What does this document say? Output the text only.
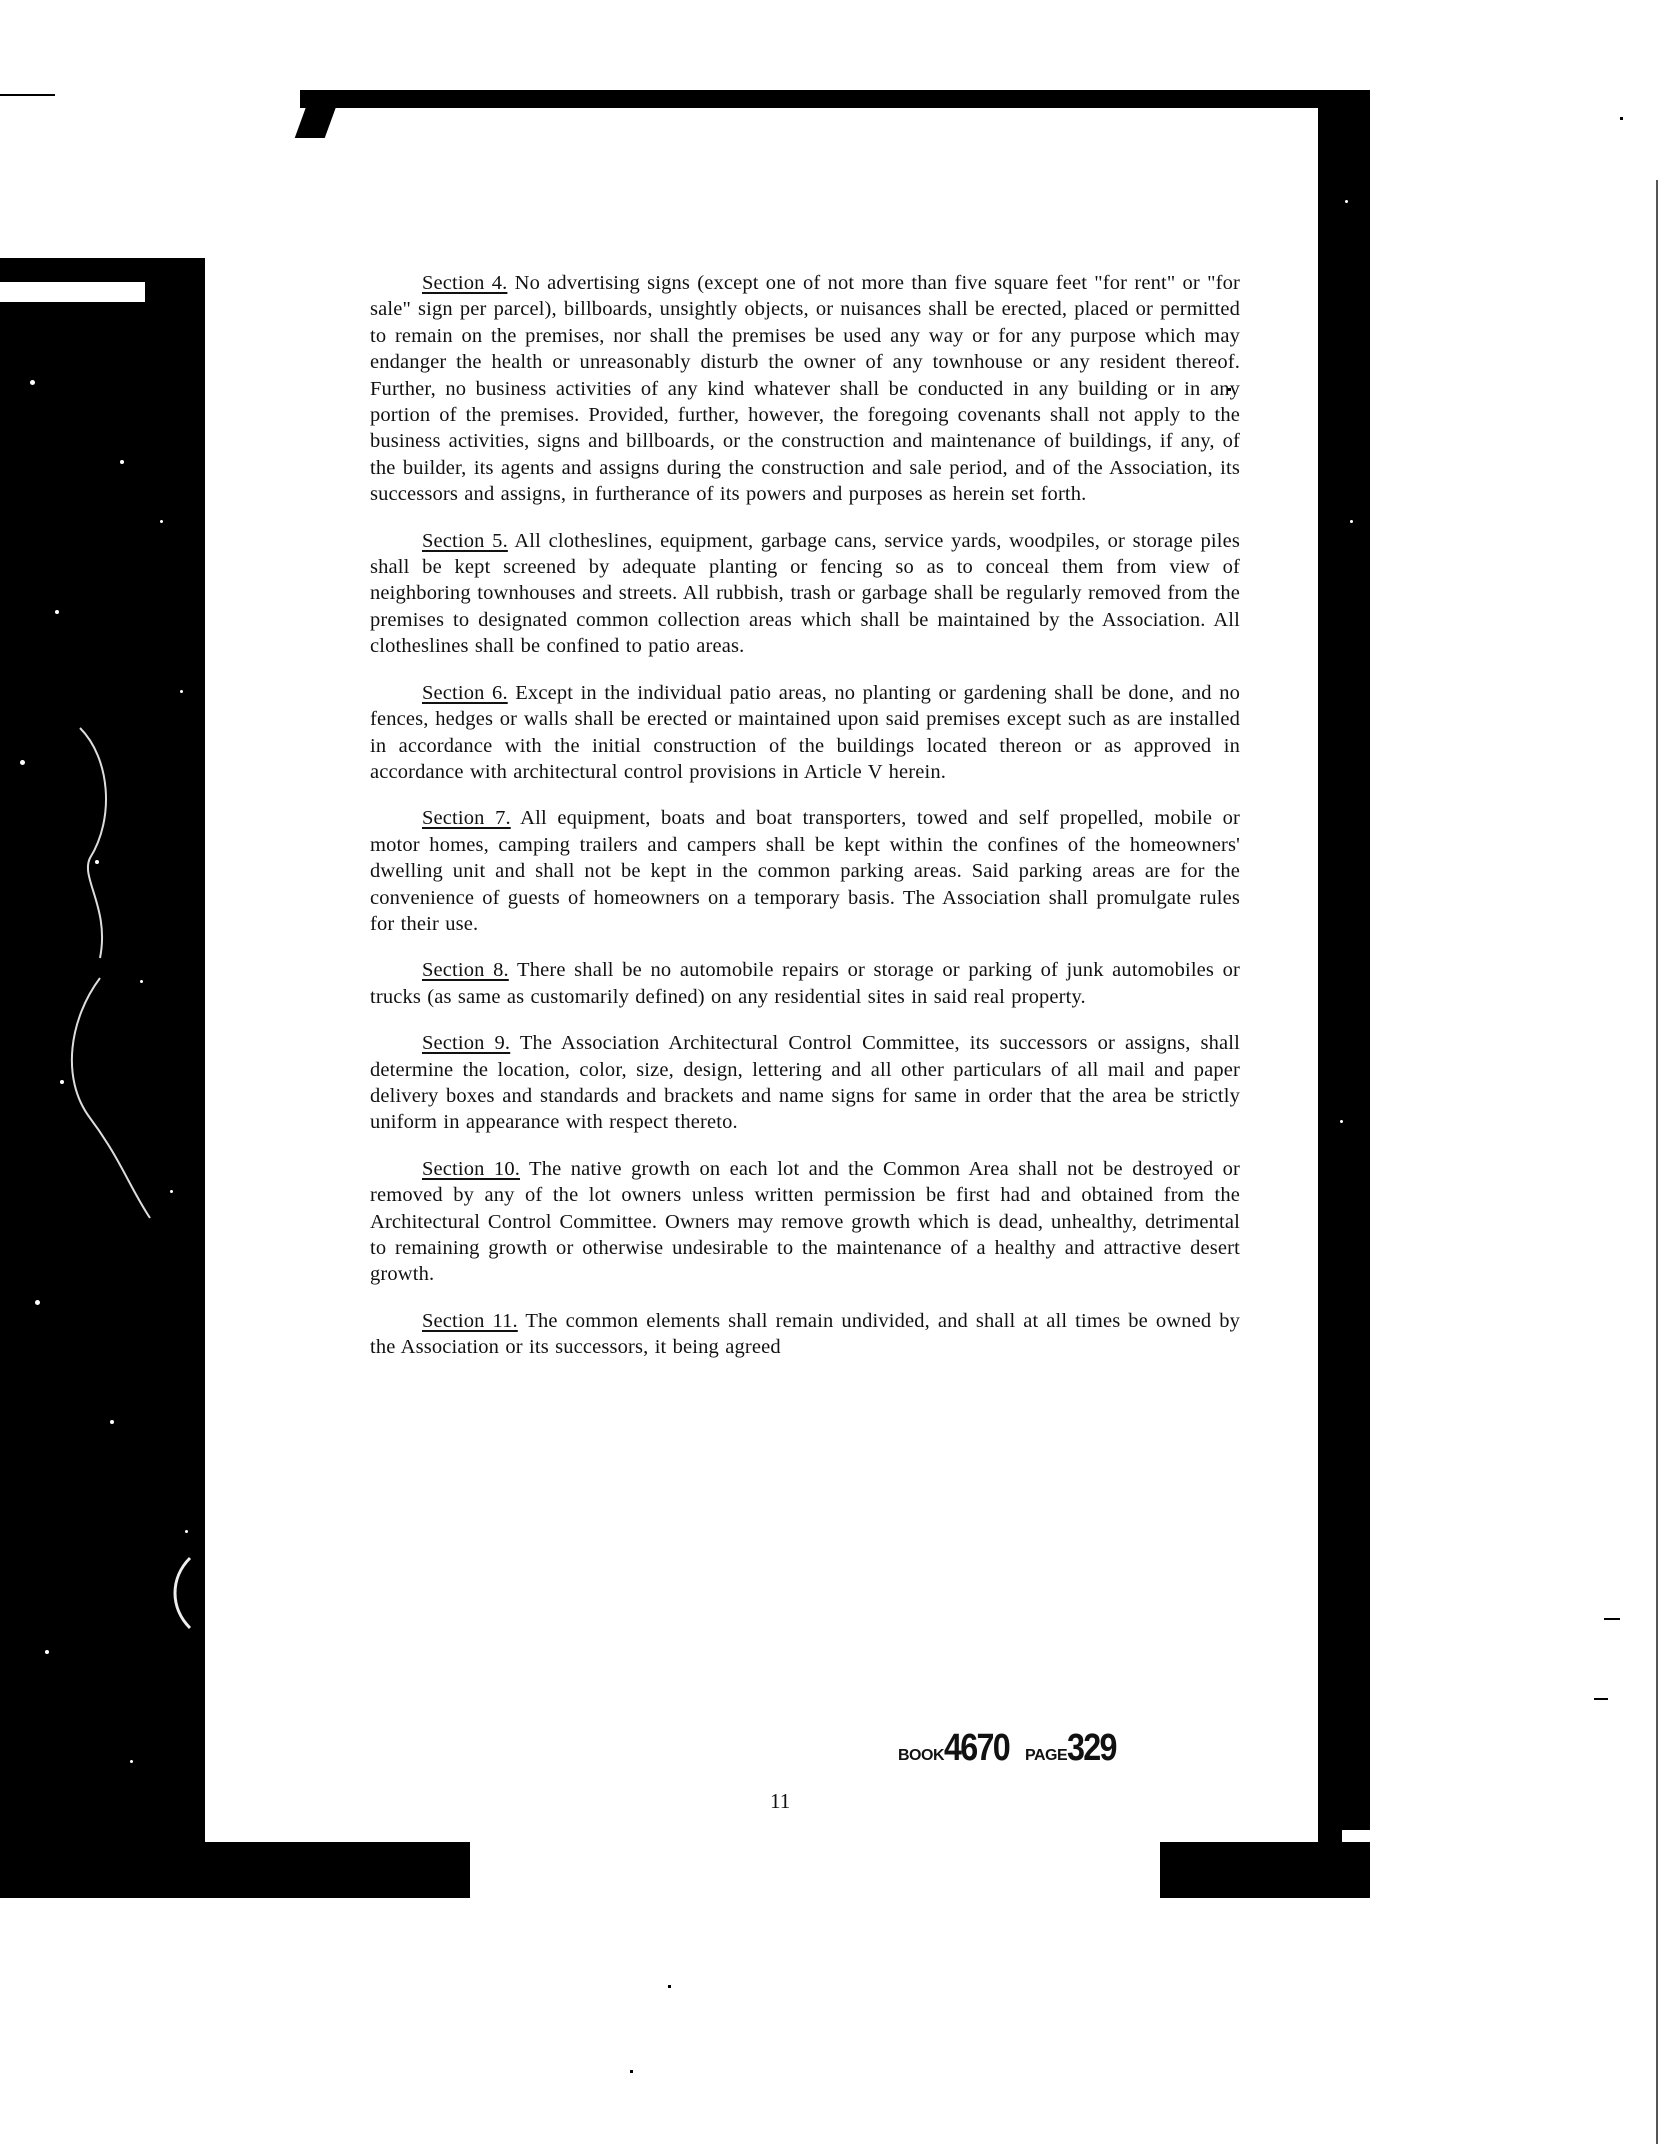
Section 4. No advertising signs (except one of not more than five square feet "for rent" or "for sale" sign per parcel), billboards, unsightly objects, or nuisances shall be erected, placed or permitted to remain on the premises, nor shall the premises be used any way or for any purpose which may endanger the health or unreasonably disturb the owner of any townhouse or any resident thereof. Further, no business activities of any kind whatever shall be conducted in any building or in any portion of the premises. Provided, further, however, the foregoing covenants shall not apply to the business activities, signs and billboards, or the construction and maintenance of buildings, if any, of the builder, its agents and assigns during the construction and sale period, and of the Association, its successors and assigns, in furtherance of its powers and purposes as herein set forth.

Section 5. All clotheslines, equipment, garbage cans, service yards, woodpiles, or storage piles shall be kept screened by adequate planting or fencing so as to conceal them from view of neighboring townhouses and streets. All rubbish, trash or garbage shall be regularly removed from the premises to designated common collection areas which shall be maintained by the Association. All clotheslines shall be confined to patio areas.

Section 6. Except in the individual patio areas, no planting or gardening shall be done, and no fences, hedges or walls shall be erected or maintained upon said premises except such as are installed in accordance with the initial construction of the buildings located thereon or as approved in accordance with architectural control provisions in Article V herein.

Section 7. All equipment, boats and boat transporters, towed and self propelled, mobile or motor homes, camping trailers and campers shall be kept within the confines of the homeowners' dwelling unit and shall not be kept in the common parking areas. Said parking areas are for the convenience of guests of homeowners on a temporary basis. The Association shall promulgate rules for their use.

Section 8. There shall be no automobile repairs or storage or parking of junk automobiles or trucks (as same as customarily defined) on any residential sites in said real property.

Section 9. The Association Architectural Control Committee, its successors or assigns, shall determine the location, color, size, design, lettering and all other particulars of all mail and paper delivery boxes and standards and brackets and name signs for same in order that the area be strictly uniform in appearance with respect thereto.

Section 10. The native growth on each lot and the Common Area shall not be destroyed or removed by any of the lot owners unless written permission be first had and obtained from the Architectural Control Committee. Owners may remove growth which is dead, unhealthy, detrimental to remaining growth or otherwise undesirable to the maintenance of a healthy and attractive desert growth.

Section 11. The common elements shall remain undivided, and shall at all times be owned by the Association or its successors, it being agreed

BOOK4670 PAGE329
11
